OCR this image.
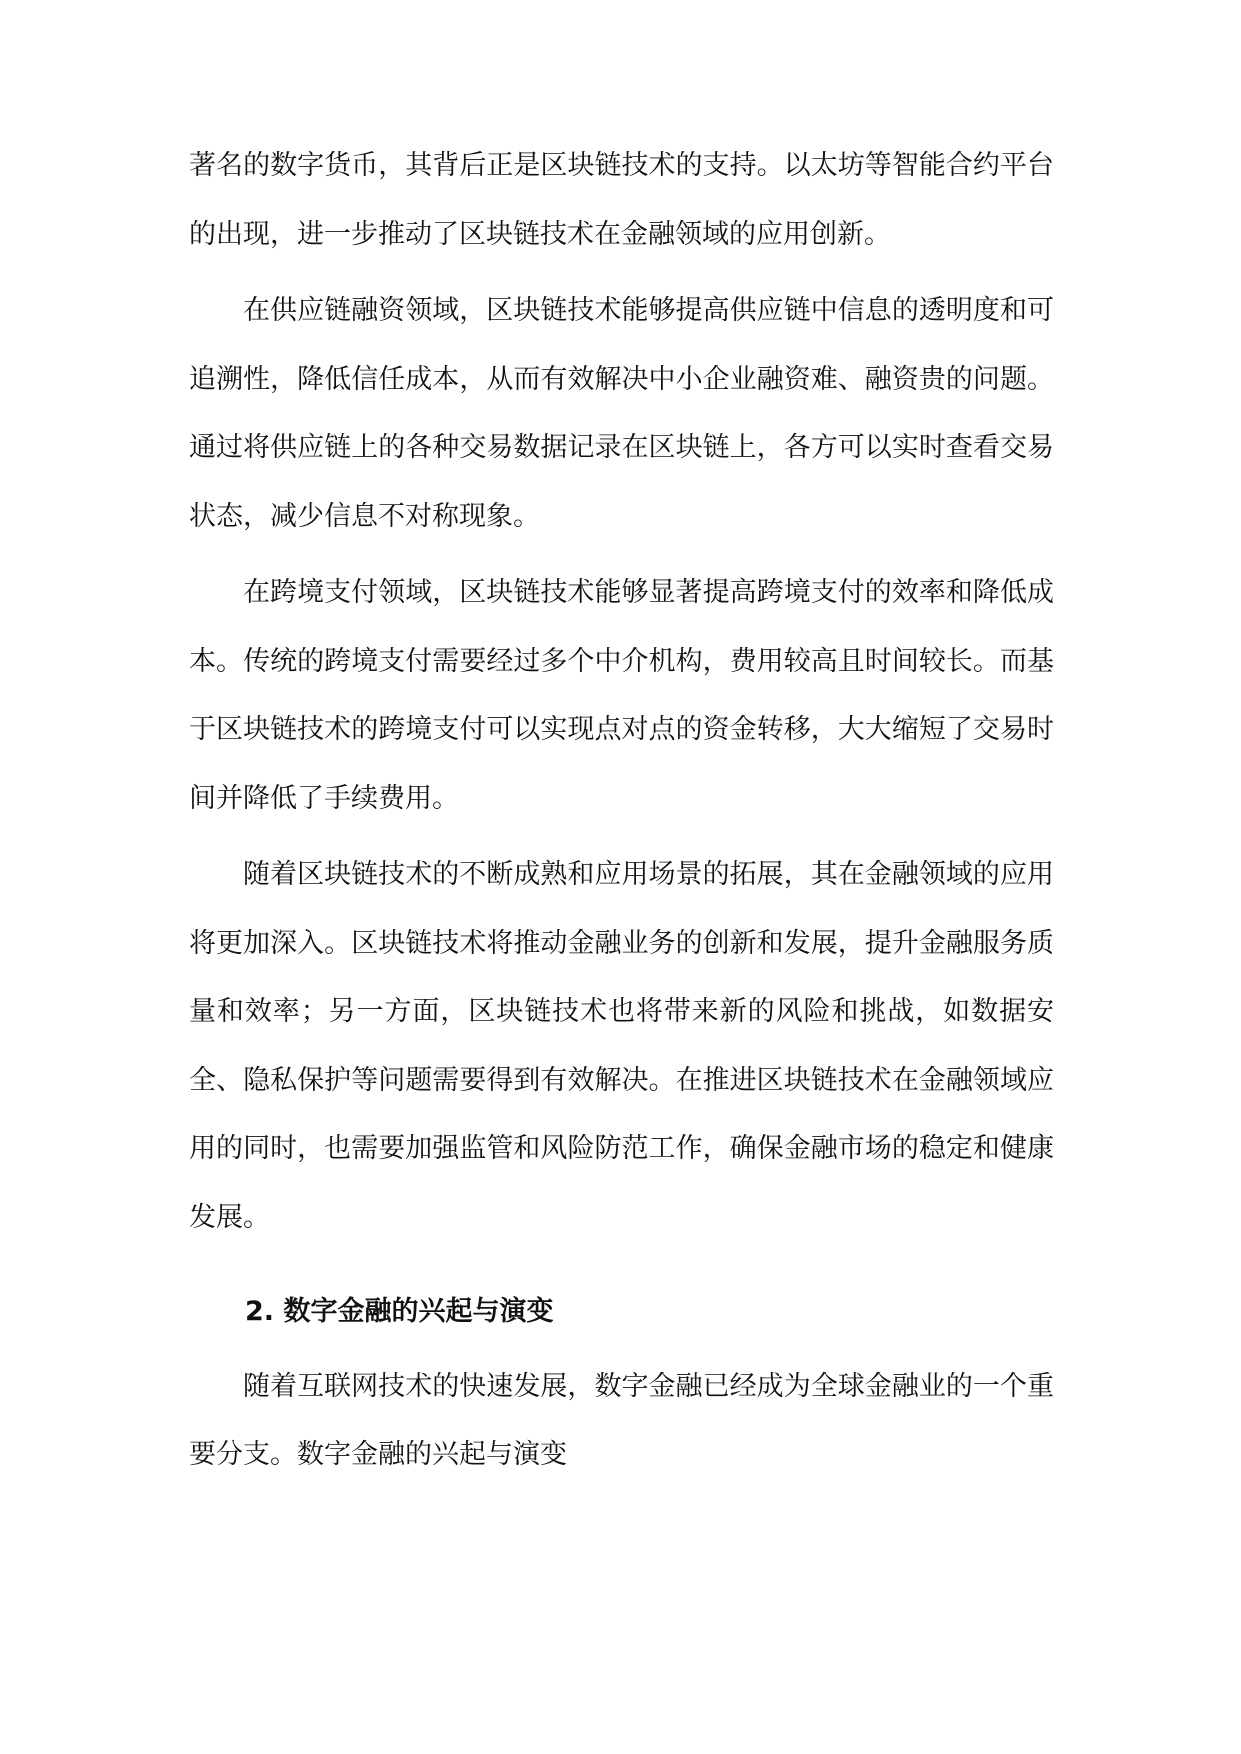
著名的数字货币，其背后正是区块链技术的支持。以太坊等智能合约平台的出现，进一步推动了区块链技术在金融领域的应用创新。

在供应链融资领域，区块链技术能够提高供应链中信息的透明度和可追溯性，降低信任成本，从而有效解决中小企业融资难、融资贵的问题。通过将供应链上的各种交易数据记录在区块链上，各方可以实时查看交易状态，减少信息不对称现象。

在跨境支付领域，区块链技术能够显著提高跨境支付的效率和降低成本。传统的跨境支付需要经过多个中介机构，费用较高且时间较长。而基于区块链技术的跨境支付可以实现点对点的资金转移，大大缩短了交易时间并降低了手续费用。

随着区块链技术的不断成熟和应用场景的拓展，其在金融领域的应用将更加深入。区块链技术将推动金融业务的创新和发展，提升金融服务质量和效率；另一方面，区块链技术也将带来新的风险和挑战，如数据安全、隐私保护等问题需要得到有效解决。在推进区块链技术在金融领域应用的同时，也需要加强监管和风险防范工作，确保金融市场的稳定和健康发展。

2. 数字金融的兴起与演变

随着互联网技术的快速发展，数字金融已经成为全球金融业的一个重要分支。数字金融的兴起与演变
